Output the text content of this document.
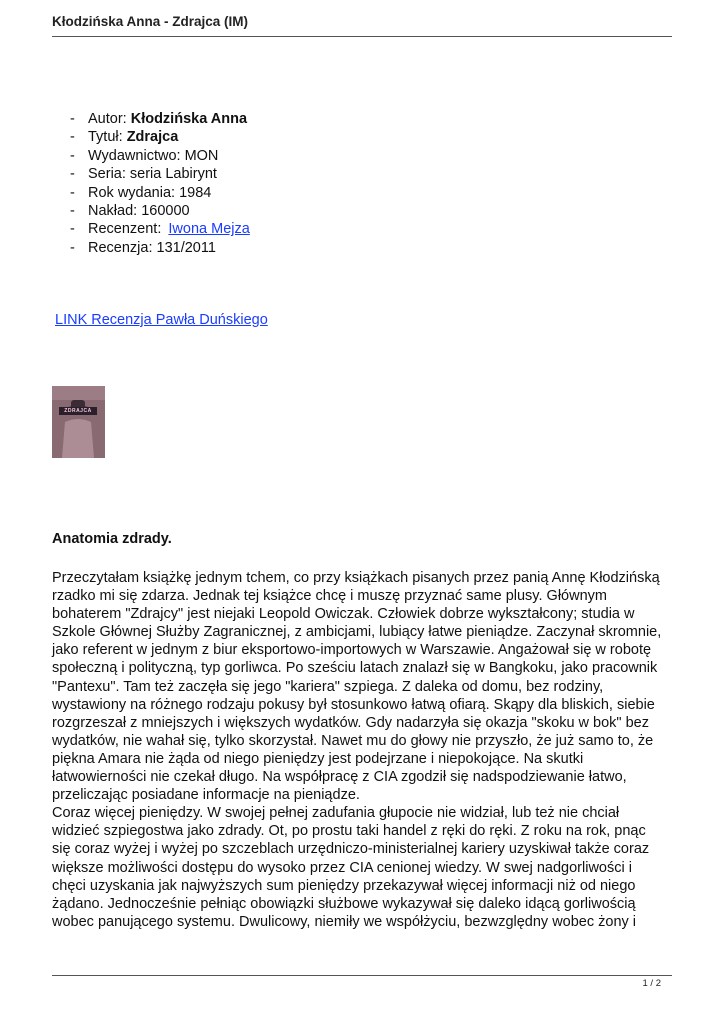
Kłodzińska Anna - Zdrajca (IM)
- Autor: Kłodzińska Anna
- Tytuł: Zdrajca
- Wydawnictwo: MON
- Seria: seria Labirynt
- Rok wydania: 1984
- Nakład: 160000
- Recenzent: Iwona Mejza
- Recenzja: 131/2011
LINK Recenzja Pawła Duńskiego
ZDRAJCA
Anatomia zdrady.
Przeczytałam książkę jednym tchem, co przy książkach pisanych przez panią Annę Kłodzińską
rzadko mi się zdarza. Jednak tej książce chcę i muszę przyznać same plusy. Głównym
bohaterem "Zdrajcy" jest niejaki Leopold Owiczak. Człowiek dobrze wykształcony; studia w
Szkole Głównej Służby Zagranicznej, z ambicjami, lubiący łatwe pieniądze. Zaczynał skromnie,
jako referent w jednym z biur eksportowo-importowych w Warszawie. Angażował się w robotę
społeczną i polityczną, typ gorliwca. Po sześciu latach znalazł się w Bangkoku, jako pracownik
"Pantexu". Tam też zaczęła się jego "kariera" szpiega. Z daleka od domu, bez rodziny,
wystawiony na różnego rodzaju pokusy był stosunkowo łatwą ofiarą. Skąpy dla bliskich, siebie
rozgrzeszał z mniejszych i większych wydatków. Gdy nadarzyła się okazja "skoku w bok" bez
wydatków, nie wahał się, tylko skorzystał. Nawet mu do głowy nie przyszło, że już samo to, że
piękna Amara nie żąda od niego pieniędzy jest podejrzane i niepokojące. Na skutki
łatwowierności nie czekał długo. Na współpracę z CIA zgodził się nadspodziewanie łatwo,
przeliczając posiadane informacje na pieniądze.
Coraz więcej pieniędzy. W swojej pełnej zadufania głupocie nie widział, lub też nie chciał
widzieć szpiegostwa jako zdrady. Ot, po prostu taki handel z ręki do ręki. Z roku na rok, pnąc
się coraz wyżej i wyżej po szczeblach urzędniczo-ministerialnej kariery uzyskiwał także coraz
większe możliwości dostępu do wysoko przez CIA cenionej wiedzy. W swej nadgorliwości i
chęci uzyskania jak najwyższych sum pieniędzy przekazywał więcej informacji niż od niego
żądano. Jednocześnie pełniąc obowiązki służbowe wykazywał się daleko idącą gorliwością
wobec panującego systemu. Dwulicowy, niemiły we współżyciu, bezwzględny wobec żony i
1 / 2
